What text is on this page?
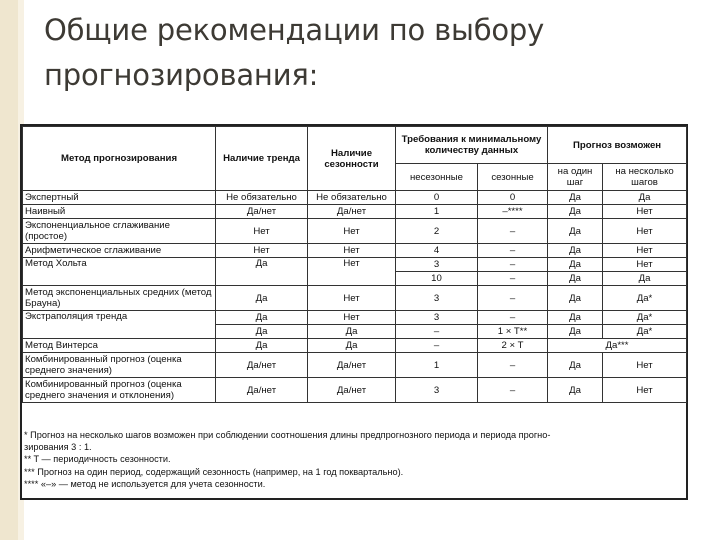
Общие рекомендации по выбору прогнозирования:
Метод прогнозирования	Наличие тренда	Наличие сезонности	Требования к минимальному количеству данных		Прогноз возможен	
			несезонные	сезонные	на один шаг	на несколько шагов
Экспертный	Не обязательно	Не обязательно	0	0	Да	Да
Наивный	Да/нет	Да/нет	1	–****	Да	Нет
Экспоненциальное сглаживание (простое)	Нет	Нет	2	–	Да	Нет
Арифметическое сглаживание	Нет	Нет	4	–	Да	Нет
Метод Хольта	Да	Нет	3	–	Да	Нет
			10	–	Да	Да
Метод экспоненциальных средних (метод Брауна)	Да	Нет	3	–	Да	Да*
Экстраполяция тренда	Да	Нет	3	–	Да	Да*
	Да	Да	–	1 × T**	Да	Да*
Метод Винтерса	Да	Да	–	2 × T	Да***	
Комбинированный прогноз (оценка среднего значения)	Да/нет	Да/нет	1	–	Да	Нет
Комбинированный прогноз (оценка среднего значения и отклонения)	Да/нет	Да/нет	3	–	Да	Нет
* Прогноз на несколько шагов возможен при соблюдении соотношения длины предпрогнозного периода и периода прогно-
зирования 3 : 1.
** T — периодичность сезонности.
*** Прогноз на один период, содержащий сезонность (например, на 1 год поквартально).
**** «–» — метод не используется для учета сезонности.
